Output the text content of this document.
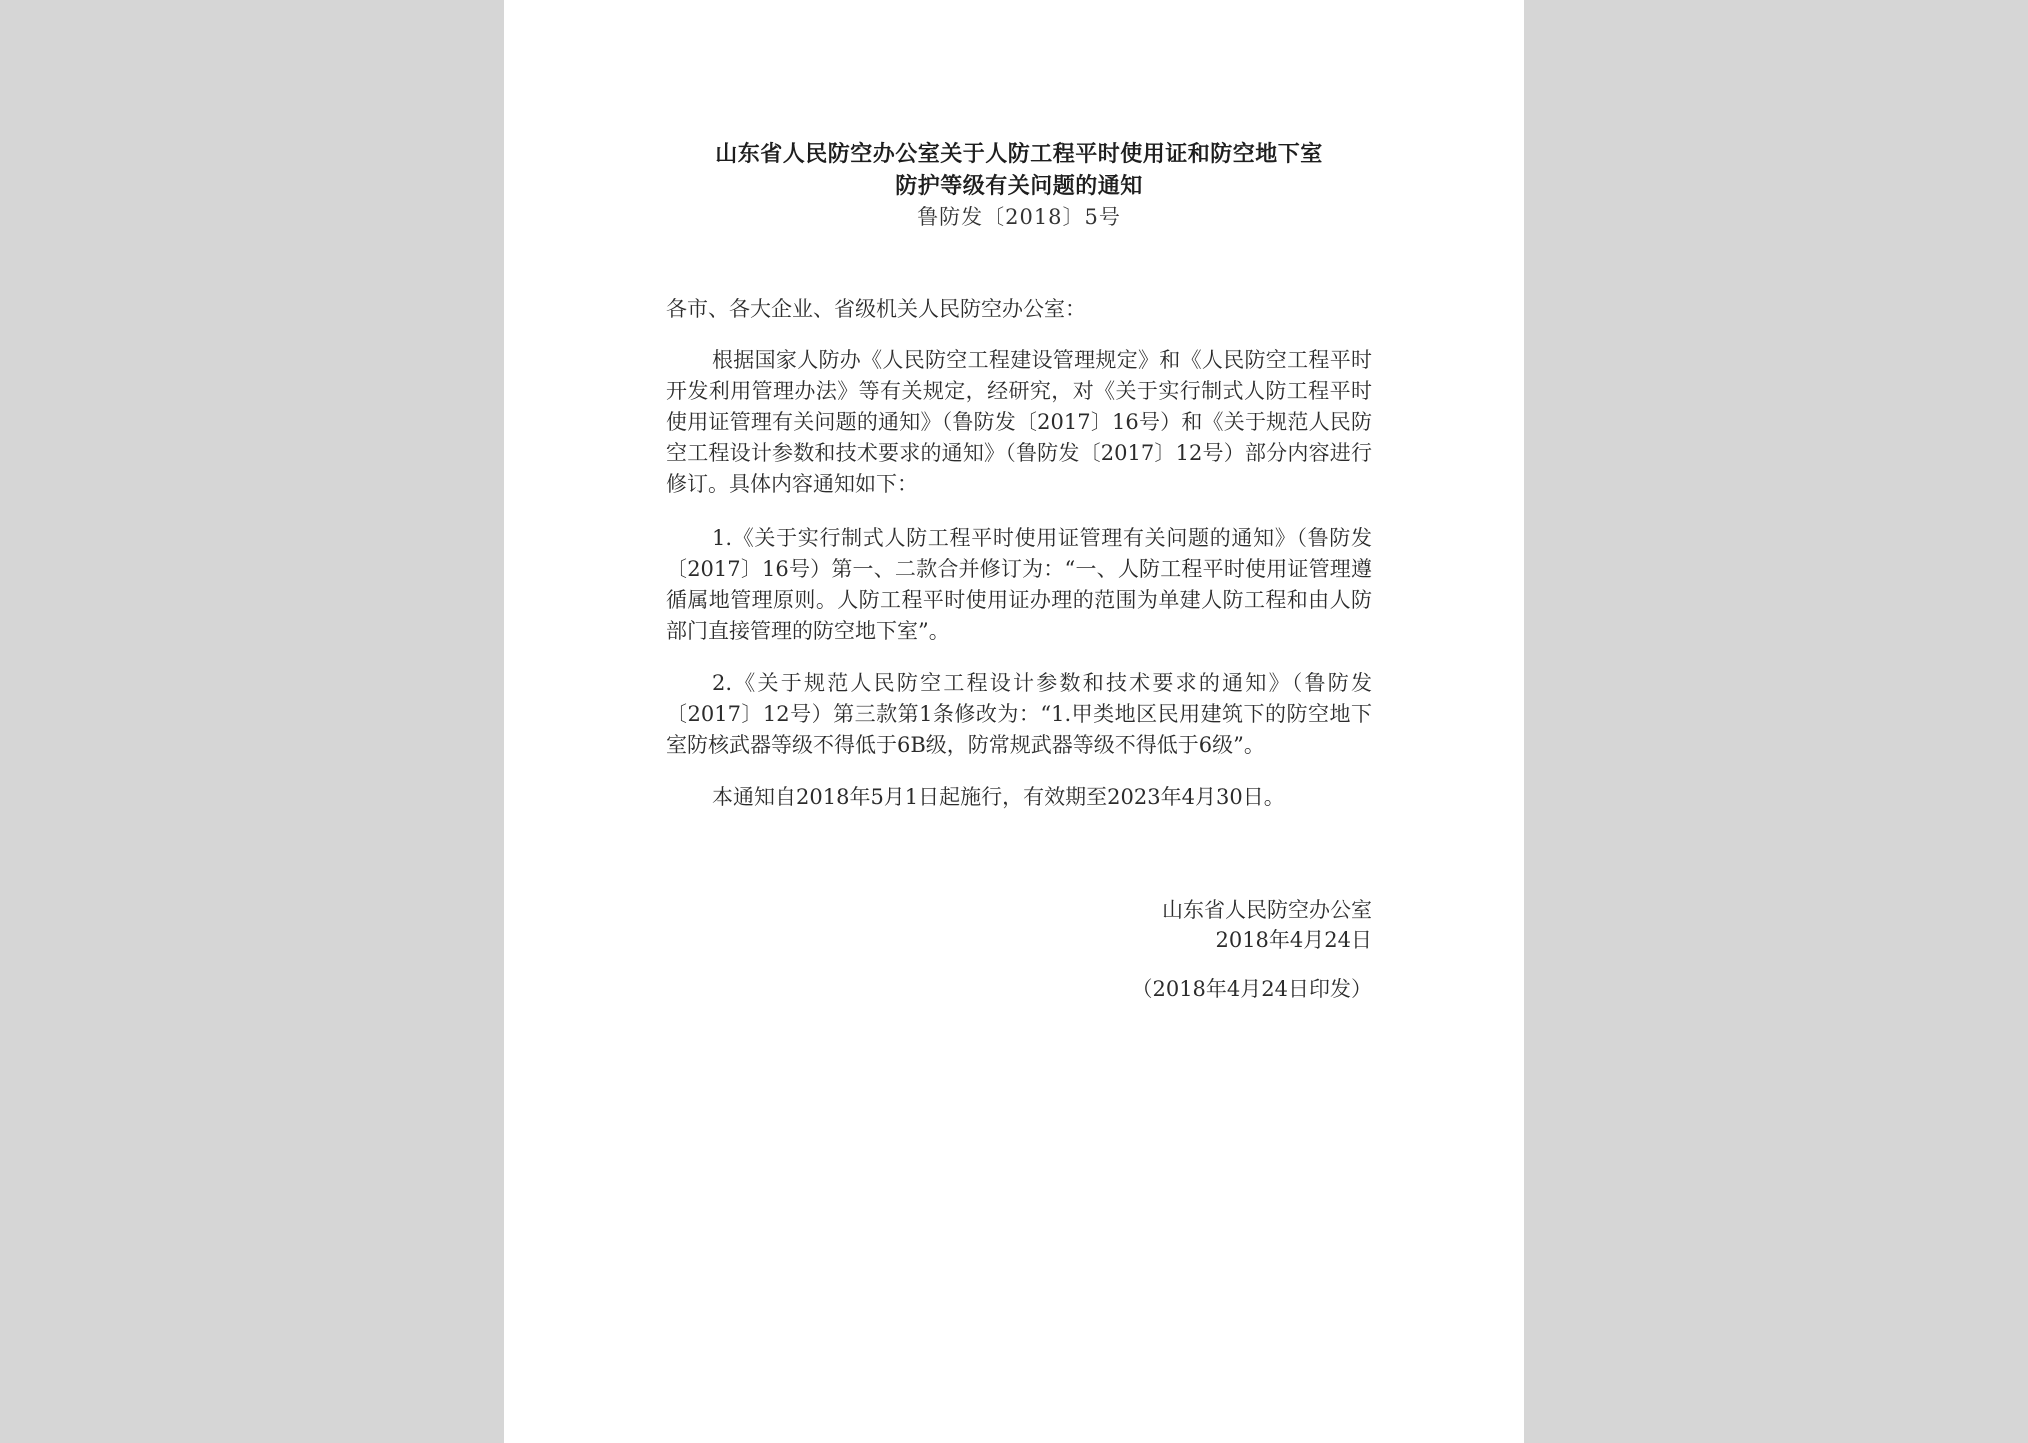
山东省人民防空办公室关于人防工程平时使用证和防空地下室
防护等级有关问题的通知
鲁防发〔2018〕5号
各市、各大企业、省级机关人民防空办公室：

根据国家人防办《人民防空工程建设管理规定》和《人民防空工程平时开发利用管理办法》等有关规定，经研究，对《关于实行制式人防工程平时使用证管理有关问题的通知》（鲁防发〔2017〕16号）和《关于规范人民防空工程设计参数和技术要求的通知》（鲁防发〔2017〕12号）部分内容进行修订。具体内容通知如下：

1.《关于实行制式人防工程平时使用证管理有关问题的通知》（鲁防发〔2017〕16号）第一、二款合并修订为：“一、人防工程平时使用证管理遵循属地管理原则。人防工程平时使用证办理的范围为单建人防工程和由人防部门直接管理的防空地下室”。

2.《关于规范人民防空工程设计参数和技术要求的通知》（鲁防发〔2017〕12号）第三款第1条修改为：“1.甲类地区民用建筑下的防空地下室防核武器等级不得低于6B级，防常规武器等级不得低于6级”。

本通知自2018年5月1日起施行，有效期至2023年4月30日。

山东省人民防空办公室
2018年4月24日
（2018年4月24日印发）
